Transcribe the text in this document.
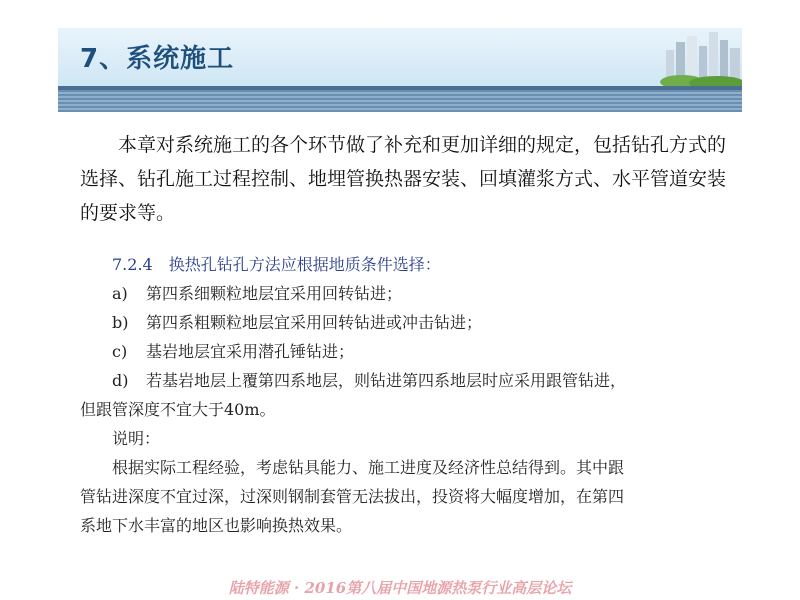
7、系统施工
本章对系统施工的各个环节做了补充和更加详细的规定，包括钻孔方式的选择、钻孔施工过程控制、地埋管换热器安装、回填灌浆方式、水平管道安装的要求等。
7.2.4　换热孔钻孔方法应根据地质条件选择：
a) 第四系细颗粒地层宜采用回转钻进；
b) 第四系粗颗粒地层宜采用回转钻进或冲击钻进；
c) 基岩地层宜采用潜孔锤钻进；
d) 若基岩地层上覆第四系地层，则钻进第四系地层时应采用跟管钻进，
但跟管深度不宜大于40m。
说明：
根据实际工程经验，考虑钻具能力、施工进度及经济性总结得到。其中跟
管钻进深度不宜过深，过深则钢制套管无法拔出，投资将大幅度增加，在第四
系地下水丰富的地区也影响换热效果。
陆特能源 · 2016第八届中国地源热泵行业高层论坛
